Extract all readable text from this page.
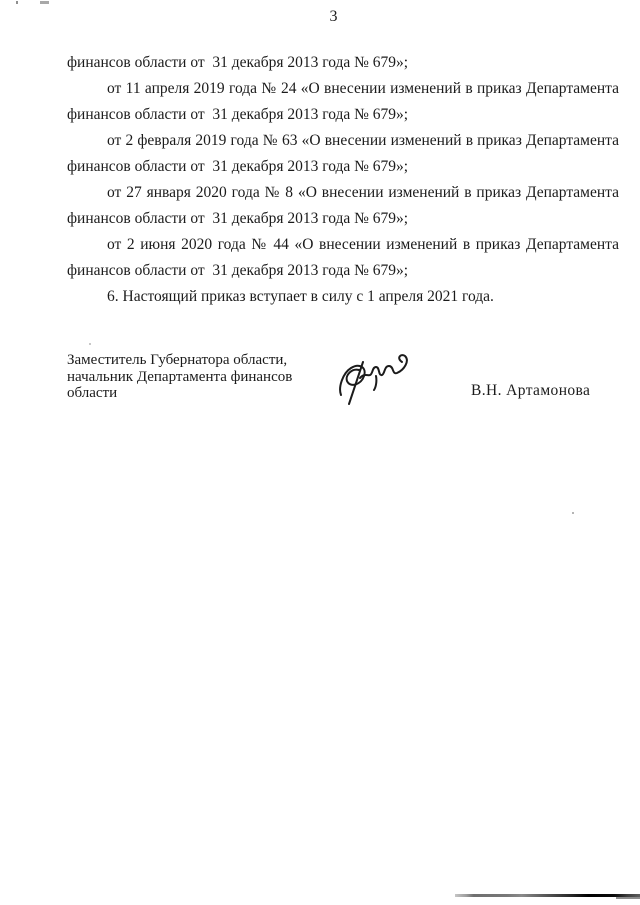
3
финансов области от  31 декабря 2013 года № 679»;
от 11 апреля 2019 года № 24 «О внесении изменений в приказ Департамента
финансов области от  31 декабря 2013 года № 679»;
от 2 февраля 2019 года № 63 «О внесении изменений в приказ Департамента
финансов области от  31 декабря 2013 года № 679»;
от 27 января 2020 года № 8 «О внесении изменений в приказ Департамента
финансов области от  31 декабря 2013 года № 679»;
от 2 июня 2020 года № 44 «О внесении изменений в приказ Департамента
финансов области от  31 декабря 2013 года № 679»;
6. Настоящий приказ вступает в силу с 1 апреля 2021 года.
Заместитель Губернатора области,
начальник Департамента финансов
области	В.Н. Артамонова
